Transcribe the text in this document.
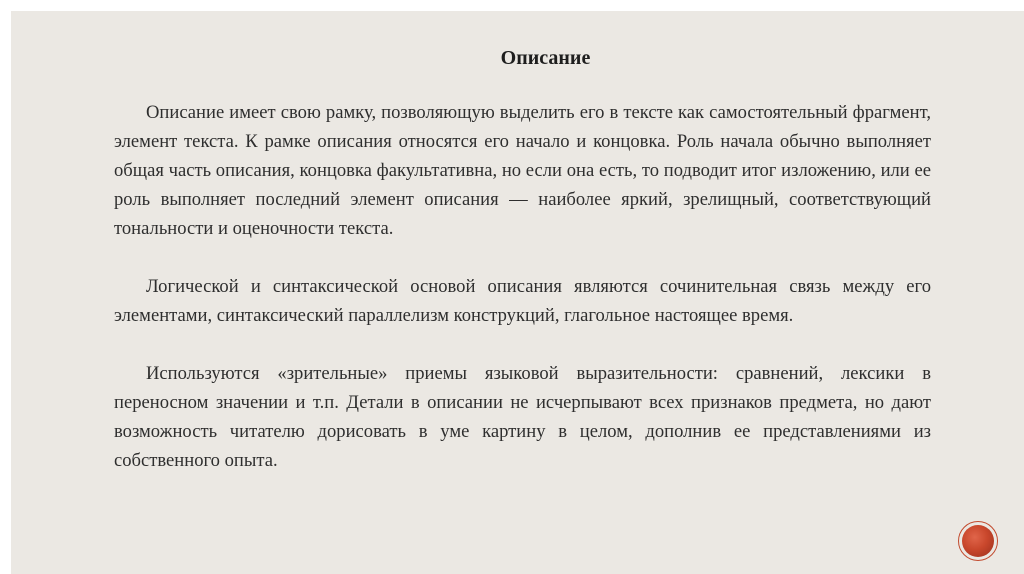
Описание

Описание имеет свою рамку, позволяющую выделить его в тексте как самостоятельный фрагмент, элемент текста. К рамке описания относятся его начало и концовка. Роль начала обычно выполняет общая часть описания, концовка факультативна, но если она есть, то подводит итог изложению, или ее роль выполняет последний элемент описания — наиболее яркий, зрелищный, соответствующий тональности и оценочности текста.

Логической и синтаксической основой описания являются сочинительная связь между его элементами, синтаксический параллелизм конструкций, глагольное настоящее время.

Используются «зрительные» приемы языковой выразительности: сравнений, лексики в переносном значении и т.п. Детали в описании не исчерпывают всех признаков предмета, но дают возможность читателю дорисовать в уме картину в целом, дополнив ее представлениями из собственного опыта.
